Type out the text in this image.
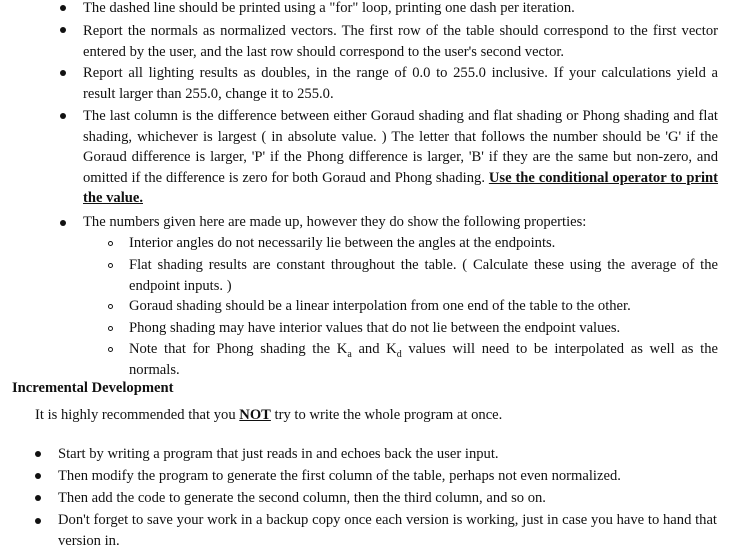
The dashed line should be printed using a "for" loop, printing one dash per iteration.
Report the normals as normalized vectors. The first row of the table should correspond to the first vector entered by the user, and the last row should correspond to the user's second vector.
Report all lighting results as doubles, in the range of 0.0 to 255.0 inclusive. If your calculations yield a result larger than 255.0, change it to 255.0.
The last column is the difference between either Goraud shading and flat shading or Phong shading and flat shading, whichever is largest ( in absolute value. ) The letter that follows the number should be 'G' if the Goraud difference is larger, 'P' if the Phong difference is larger, 'B' if they are the same but non-zero, and omitted if the difference is zero for both Goraud and Phong shading. Use the conditional operator to print the value.
The numbers given here are made up, however they do show the following properties:
Interior angles do not necessarily lie between the angles at the endpoints.
Flat shading results are constant throughout the table. ( Calculate these using the average of the endpoint inputs. )
Goraud shading should be a linear interpolation from one end of the table to the other.
Phong shading may have interior values that do not lie between the endpoint values.
Note that for Phong shading the $K_a$ and $K_d$ values will need to be interpolated as well as the normals.
Incremental Development
It is highly recommended that you NOT try to write the whole program at once.
Start by writing a program that just reads in and echoes back the user input.
Then modify the program to generate the first column of the table, perhaps not even normalized.
Then add the code to generate the second column, then the third column, and so on.
Don't forget to save your work in a backup copy once each version is working, just in case you have to hand that version in.
